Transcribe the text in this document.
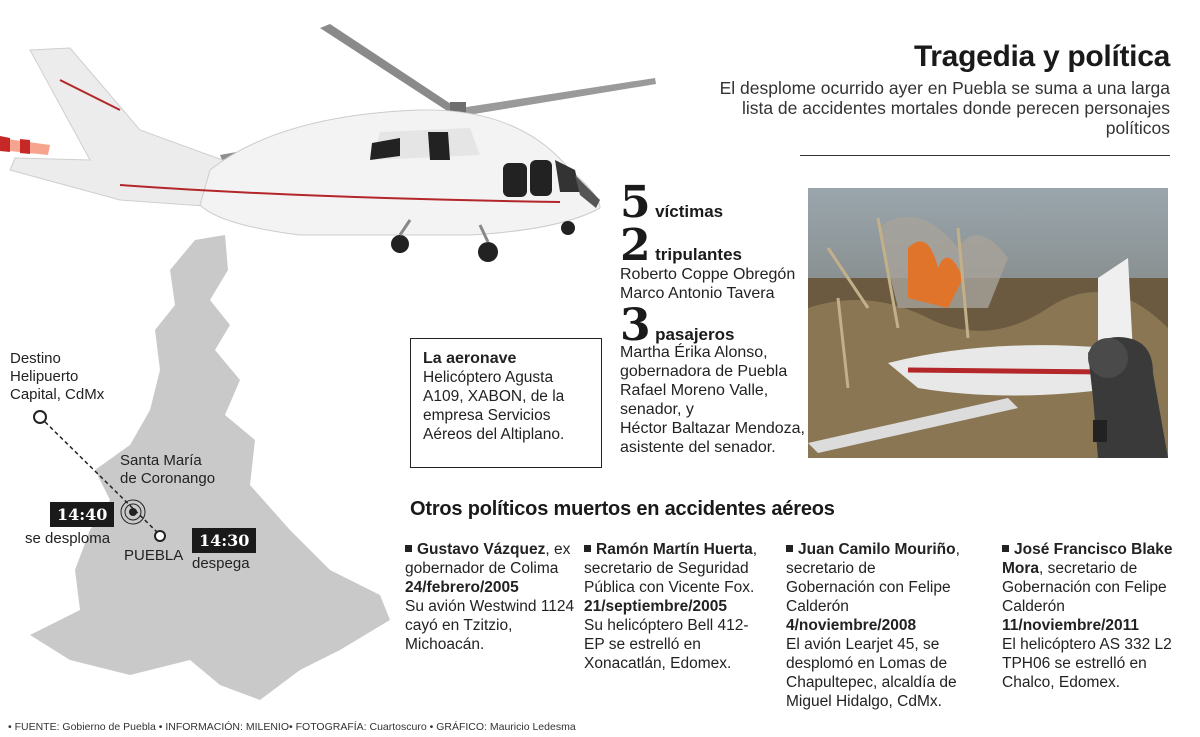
Tragedia y política
El desplome ocurrido ayer en Puebla se suma a una larga lista de accidentes mortales donde perecen personajes políticos
5 víctimas
2 tripulantes
Roberto Coppe Obregón
Marco Antonio Tavera
3 pasajeros
Martha Érika Alonso,
gobernadora de Puebla
Rafael Moreno Valle,
senador, y
Héctor Baltazar Mendoza,
asistente del senador.
La aeronave
Helicóptero Agusta
A109, XABON, de la
empresa Servicios
Aéreos del Altiplano.
Destino
Helipuerto
Capital, CdMx
Santa María
de Coronango
14:40
se desploma
PUEBLA
14:30
despega
Otros políticos muertos en accidentes aéreos
Gustavo Vázquez, ex gobernador de Colima
24/febrero/2005
Su avión Westwind 1124 cayó en Tzitzio, Michoacán.
Ramón Martín Huerta, secretario de Seguridad Pública con Vicente Fox.
21/septiembre/2005
Su helicóptero Bell 412-EP se estrelló en Xonacatlán, Edomex.
Juan Camilo Mouriño, secretario de Gobernación con Felipe Calderón
4/noviembre/2008
El avión Learjet 45, se desplomó en Lomas de Chapultepec, alcaldía de Miguel Hidalgo, CdMx.
José Francisco Blake Mora, secretario de Gobernación con Felipe Calderón
11/noviembre/2011
El helicóptero AS 332 L2 TPH06 se estrelló en Chalco, Edomex.
• FUENTE: Gobierno de Puebla • INFORMACIÓN: MILENIO• FOTOGRAFÍA: Cuartoscuro • GRÁFICO: Mauricio Ledesma
